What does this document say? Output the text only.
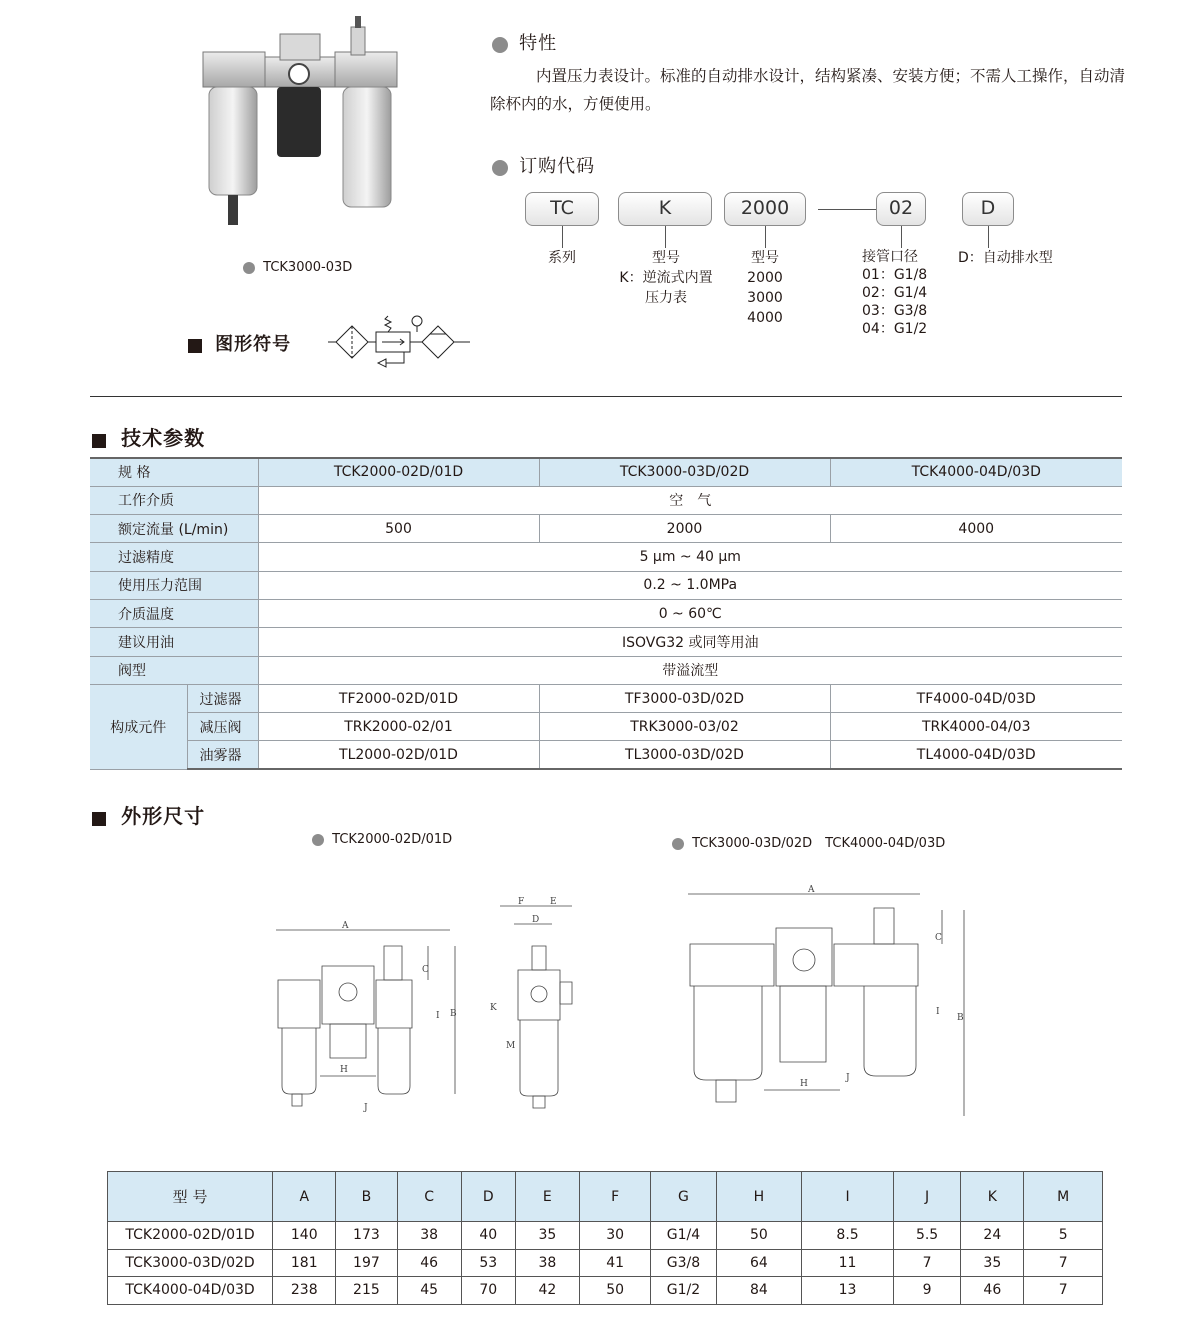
TCK3000-03D
特性
内置压力表设计。标准的自动排水设计，结构紧凑、安装方便；不需人工操作，自动清除杯内的水，方便使用。
订购代码
TC	K	2000	02	D
系列	型号
K：逆流式内置
压力表
型号
2000
3000
4000
接管口径
01：G1/8
02：G1/4
03：G3/8
04：G1/2
D：自动排水型
图形符号
技术参数
规 格		TCK2000-02D/01D	TCK3000-03D/02D	TCK4000-04D/03D
工作介质		空　气		
额定流量 (L/min)		500	2000	4000
过滤精度		5 μm ~ 40 μm		
使用压力范围		0.2 ~ 1.0MPa		
介质温度		0 ~ 60℃		
建议用油		ISOVG32 或同等用油		
阀型		带溢流型		
构成元件	过滤器	TF2000-02D/01D	TF3000-03D/02D	TF4000-04D/03D
	减压阀	TRK2000-02/01	TRK3000-03/02	TRK4000-04/03
	油雾器	TL2000-02D/01D	TL3000-03D/02D	TL4000-04D/03D
外形尺寸
TCK2000-02D/01D	TCK3000-03D/02D　TCK4000-04D/03D
A
H
B
C
I
J
F	E
D
K
M
A
H
B
C
I
J
型 号	A	B	C	D	E	F	G	H	I	J	K	M
TCK2000-02D/01D	140	173	38	40	35	30	G1/4	50	8.5	5.5	24	5
TCK3000-03D/02D	181	197	46	53	38	41	G3/8	64	11	7	35	7
TCK4000-04D/03D	238	215	45	70	42	50	G1/2	84	13	9	46	7
